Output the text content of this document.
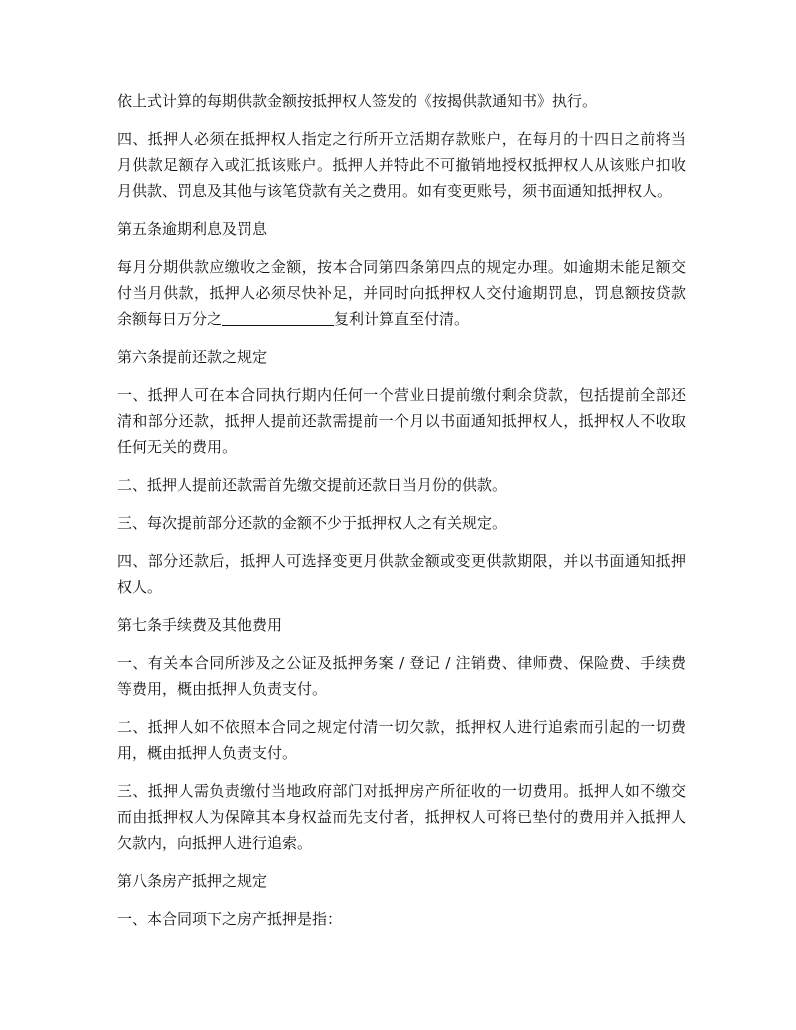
依上式计算的每期供款金额按抵押权人签发的《按揭供款通知书》执行。

四、抵押人必须在抵押权人指定之行所开立活期存款账户，在每月的十四日之前将当月供款足额存入或汇抵该账户。抵押人并特此不可撤销地授权抵押权人从该账户扣收月供款、罚息及其他与该笔贷款有关之费用。如有变更账号，须书面通知抵押权人。

第五条逾期利息及罚息

每月分期供款应缴收之金额，按本合同第四条第四点的规定办理。如逾期未能足额交付当月供款，抵押人必须尽快补足，并同时向抵押权人交付逾期罚息，罚息额按贷款余额每日万分之	复利计算直至付清。

第六条提前还款之规定

一、抵押人可在本合同执行期内任何一个营业日提前缴付剩余贷款，包括提前全部还清和部分还款，抵押人提前还款需提前一个月以书面通知抵押权人，抵押权人不收取任何无关的费用。

二、抵押人提前还款需首先缴交提前还款日当月份的供款。

三、每次提前部分还款的金额不少于抵押权人之有关规定。

四、部分还款后，抵押人可选择变更月供款金额或变更供款期限，并以书面通知抵押权人。

第七条手续费及其他费用

一、有关本合同所涉及之公证及抵押务案 / 登记 / 注销费、律师费、保险费、手续费等费用，概由抵押人负责支付。

二、抵押人如不依照本合同之规定付清一切欠款，抵押权人进行追索而引起的一切费用，概由抵押人负责支付。

三、抵押人需负责缴付当地政府部门对抵押房产所征收的一切费用。抵押人如不缴交而由抵押权人为保障其本身权益而先支付者，抵押权人可将已垫付的费用并入抵押人欠款内，向抵押人进行追索。

第八条房产抵押之规定

一、本合同项下之房产抵押是指：
